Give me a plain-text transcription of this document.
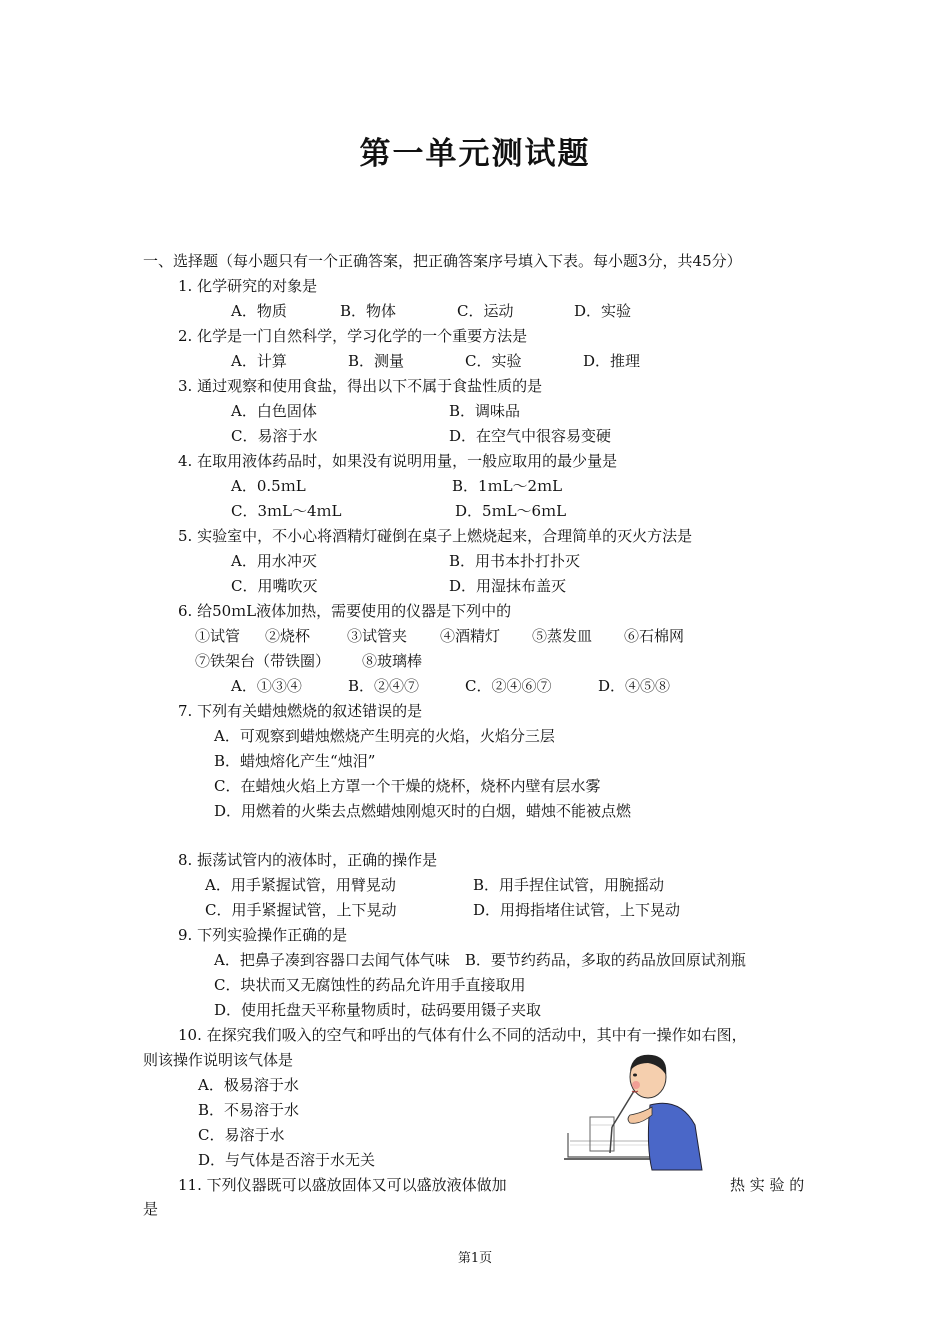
第一单元测试题
一、选择题（每小题只有一个正确答案，把正确答案序号填入下表。每小题3分，共45分）
1. 化学研究的对象是
A．物质	B．物体	C．运动	D．实验
2. 化学是一门自然科学，学习化学的一个重要方法是
A．计算	B．测量	C．实验	D．推理
3. 通过观察和使用食盐，得出以下不属于食盐性质的是
A．白色固体	B．调味品
C．易溶于水	D．在空气中很容易变硬
4. 在取用液体药品时，如果没有说明用量，一般应取用的最少量是
A．0.5ｍL	B．1ｍL～2ｍL
C．3ｍL～4ｍL	D．5ｍL～6ｍL
5. 实验室中，不小心将酒精灯碰倒在桌子上燃烧起来，合理简单的灭火方法是
A．用水冲灭	B．用书本扑打扑灭
C．用嘴吹灭	D．用湿抹布盖灭
6. 给50ｍL液体加热，需要使用的仪器是下列中的
①试管 ②烧杯 ③试管夹 ④酒精灯 ⑤蒸发皿 ⑥石棉网
⑦铁架台（带铁圈） ⑧玻璃棒
A．①③④	B．②④⑦	C．②④⑥⑦	D．④⑤⑧
7. 下列有关蜡烛燃烧的叙述错误的是
A．可观察到蜡烛燃烧产生明亮的火焰，火焰分三层
B．蜡烛熔化产生“烛泪”
C．在蜡烛火焰上方罩一个干燥的烧杯，烧杯内壁有层水雾
D．用燃着的火柴去点燃蜡烛刚熄灭时的白烟，蜡烛不能被点燃
8. 振荡试管内的液体时，正确的操作是
A．用手紧握试管，用臂晃动	B．用手捏住试管，用腕摇动
C．用手紧握试管，上下晃动	D．用拇指堵住试管，上下晃动
9. 下列实验操作正确的是
A．把鼻子凑到容器口去闻气体气味　B．要节约药品，多取的药品放回原试剂瓶
C．块状而又无腐蚀性的药品允许用手直接取用
D．使用托盘天平称量物质时，砝码要用镊子夹取
10. 在探究我们吸入的空气和呼出的气体有什么不同的活动中，其中有一操作如右图，
则该操作说明该气体是
A．极易溶于水
B．不易溶于水
C．易溶于水
D．与气体是否溶于水无关
11. 下列仪器既可以盛放固体又可以盛放液体做加	热 实 验 的
是
第1页
